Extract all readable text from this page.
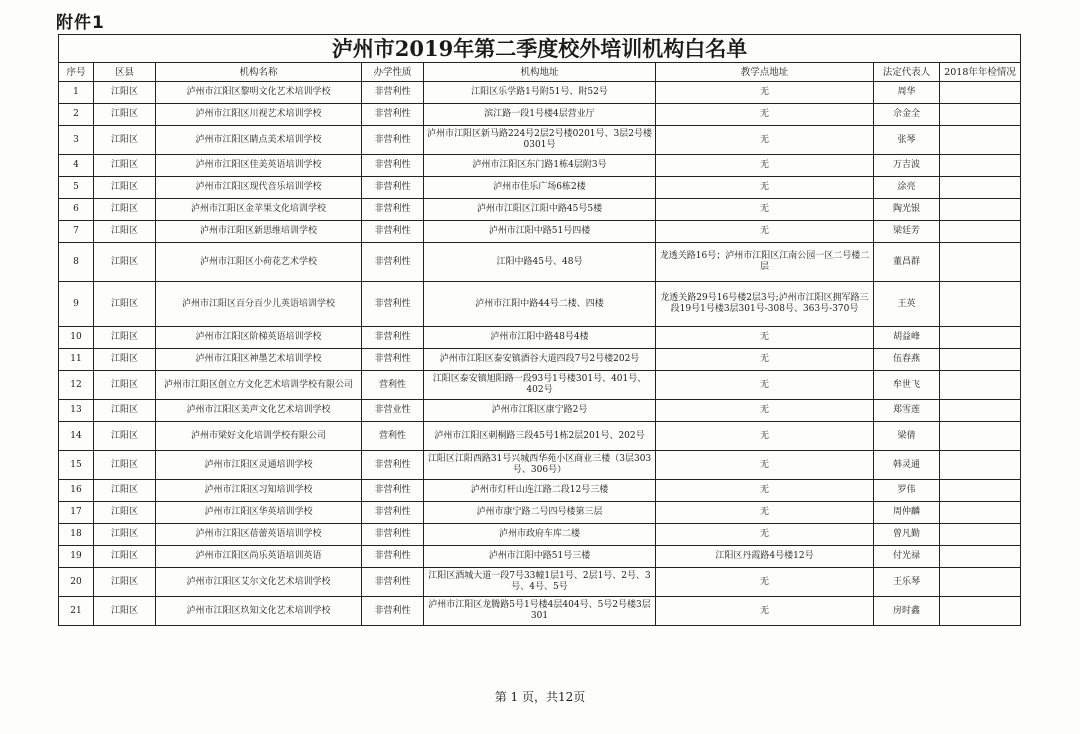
附件1
泸州市2019年第二季度校外培训机构白名单							
序号	区县	机构名称	办学性质	机构地址	教学点地址	法定代表人	2018年年检情况
1	江阳区	泸州市江阳区黎明文化艺术培训学校	非营利性	江阳区乐学路1号附51号、附52号	无	周华	
2	江阳区	泸州市江阳区川视艺术培训学校	非营利性	滨江路一段1号楼4层营业厅	无	佘金全	
3	江阳区	泸州市江阳区睛点美术培训学校	非营利性	泸州市江阳区新马路224号2层2号楼0201号、3层2号楼0301号	无	张琴	
4	江阳区	泸州市江阳区佳美英语培训学校	非营利性	泸州市江阳区东门路1栋4层附3号	无	万吉波	
5	江阳区	泸州市江阳区现代音乐培训学校	非营利性	泸州市佳乐广场6栋2楼	无	涂亮	
6	江阳区	泸州市江阳区金苹果文化培训学校	非营利性	泸州市江阳区江阳中路45号5楼	无	陶光银	
7	江阳区	泸州市江阳区新思维培训学校	非营利性	泸州市江阳中路51号四楼	无	梁廷芳	
8	江阳区	泸州市江阳区小荷花艺术学校	非营利性	江阳中路45号、48号	龙透关路16号；泸州市江阳区江南公园一区二号楼二层	董昌群	
9	江阳区	泸州市江阳区百分百少儿英语培训学校	非营利性	泸州市江阳中路44号二楼、四楼	龙透关路29号16号楼2层3号;泸州市江阳区拥军路三段19号1号楼3层301号-308号、363号-370号	王英	
10	江阳区	泸州市江阳区阶梯英语培训学校	非营利性	泸州市江阳中路48号4楼	无	胡益峰	
11	江阳区	泸州市江阳区神墨艺术培训学校	非营利性	泸州市江阳区泰安镇酒谷大道四段7号2号楼202号	无	伍春燕	
12	江阳区	泸州市江阳区创立方文化艺术培训学校有限公司	营利性	江阳区泰安镇旭阳路一段93号1号楼301号、401号、402号	无	牟世飞	
13	江阳区	泸州市江阳区美声文化艺术培训学校	非营业性	泸州市江阳区康宁路2号	无	郑雪莲	
14	江阳区	泸州市梁好文化培训学校有限公司	营利性	泸州市江阳区刺桐路三段45号1栋2层201号、202号	无	梁倩	
15	江阳区	泸州市江阳区灵通培训学校	非营利性	江阳区江阳西路31号兴城西华苑小区商业三楼（3层303号、306号）	无	韩灵通	
16	江阳区	泸州市江阳区习知培训学校	非营利性	泸州市灯杆山连江路二段12号三楼	无	罗伟	
17	江阳区	泸州市江阳区华英培训学校	非营利性	泸州市康宁路二号四号楼第三层	无	周仲麟	
18	江阳区	泸州市江阳区蓓蕾英语培训学校	非营利性	泸州市政府车库二楼	无	曾凡勤	
19	江阳区	泸州市江阳区尚乐英语培训英语	非营利性	泸州市江阳中路51号三楼	江阳区丹霞路4号楼12号	付光禄	
20	江阳区	泸州市江阳区艾尔文化艺术培训学校	非营利性	江阳区酒城大道一段7号33幢1层1号、2层1号、2号、3号、4号、5号	无	王乐琴	
21	江阳区	泸州市江阳区玖知文化艺术培训学校	非营利性	泸州市江阳区龙腾路5号1号楼4层404号、5号2号楼3层301	无	房时鑫	
第 1 页，共12页
